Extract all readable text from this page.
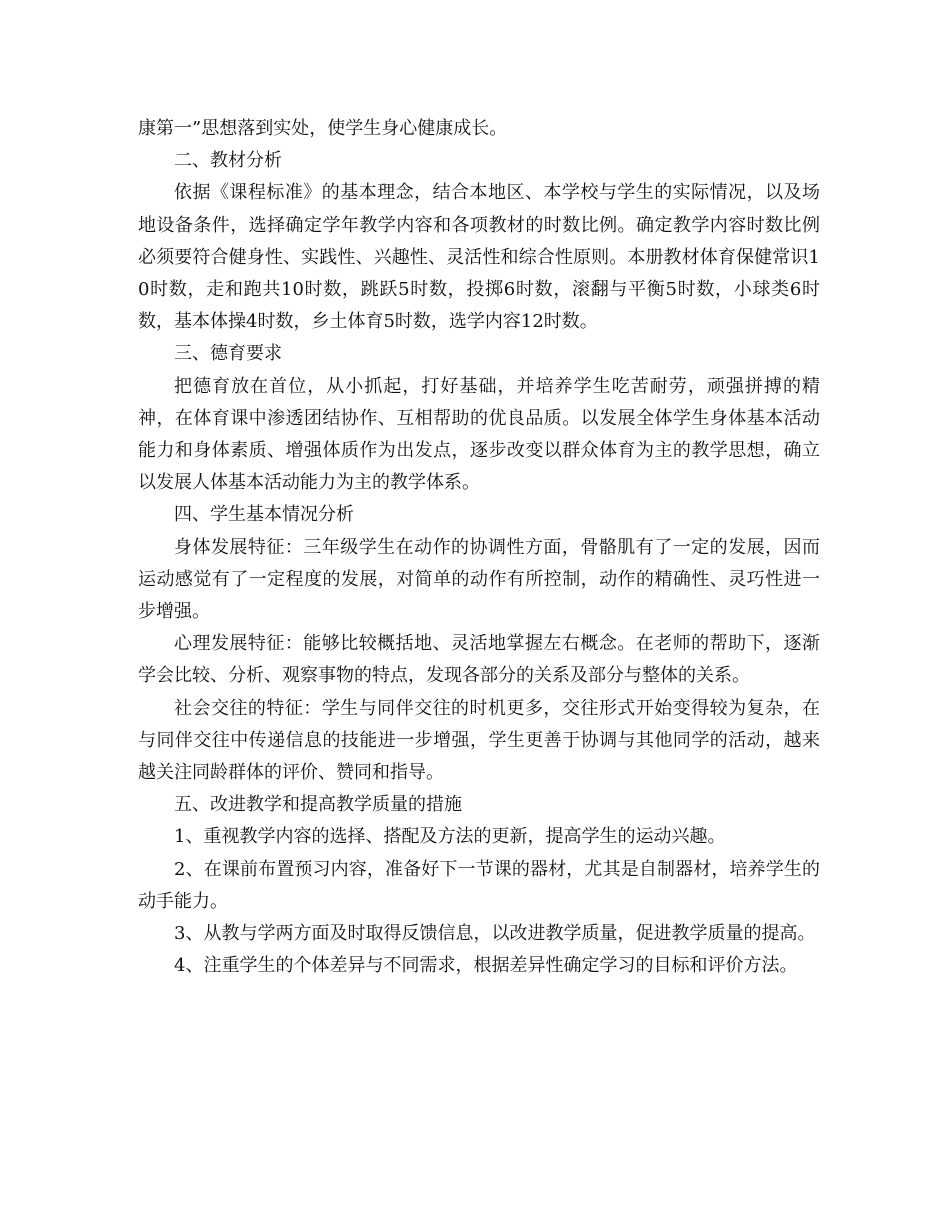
康第一”思想落到实处，使学生身心健康成长。

二、教材分析

依据《课程标准》的基本理念，结合本地区、本学校与学生的实际情况，以及场地设备条件，选择确定学年教学内容和各项教材的时数比例。确定教学内容时数比例必须要符合健身性、实践性、兴趣性、灵活性和综合性原则。本册教材体育保健常识10时数，走和跑共10时数，跳跃5时数，投掷6时数，滚翻与平衡5时数，小球类6时数，基本体操4时数，乡土体育5时数，选学内容12时数。

三、德育要求

把德育放在首位，从小抓起，打好基础，并培养学生吃苦耐劳，顽强拼搏的精神，在体育课中渗透团结协作、互相帮助的优良品质。以发展全体学生身体基本活动能力和身体素质、增强体质作为出发点，逐步改变以群众体育为主的教学思想，确立以发展人体基本活动能力为主的教学体系。

四、学生基本情况分析

身体发展特征：三年级学生在动作的协调性方面，骨骼肌有了一定的发展，因而运动感觉有了一定程度的发展，对简单的动作有所控制，动作的精确性、灵巧性进一步增强。

心理发展特征：能够比较概括地、灵活地掌握左右概念。在老师的帮助下，逐渐学会比较、分析、观察事物的特点，发现各部分的关系及部分与整体的关系。

社会交往的特征：学生与同伴交往的时机更多，交往形式开始变得较为复杂，在与同伴交往中传递信息的技能进一步增强，学生更善于协调与其他同学的活动，越来越关注同龄群体的评价、赞同和指导。

五、改进教学和提高教学质量的措施

1、重视教学内容的选择、搭配及方法的更新，提高学生的运动兴趣。

2、在课前布置预习内容，准备好下一节课的器材，尤其是自制器材，培养学生的动手能力。

3、从教与学两方面及时取得反馈信息，以改进教学质量，促进教学质量的提高。

4、注重学生的个体差异与不同需求，根据差异性确定学习的目标和评价方法。
